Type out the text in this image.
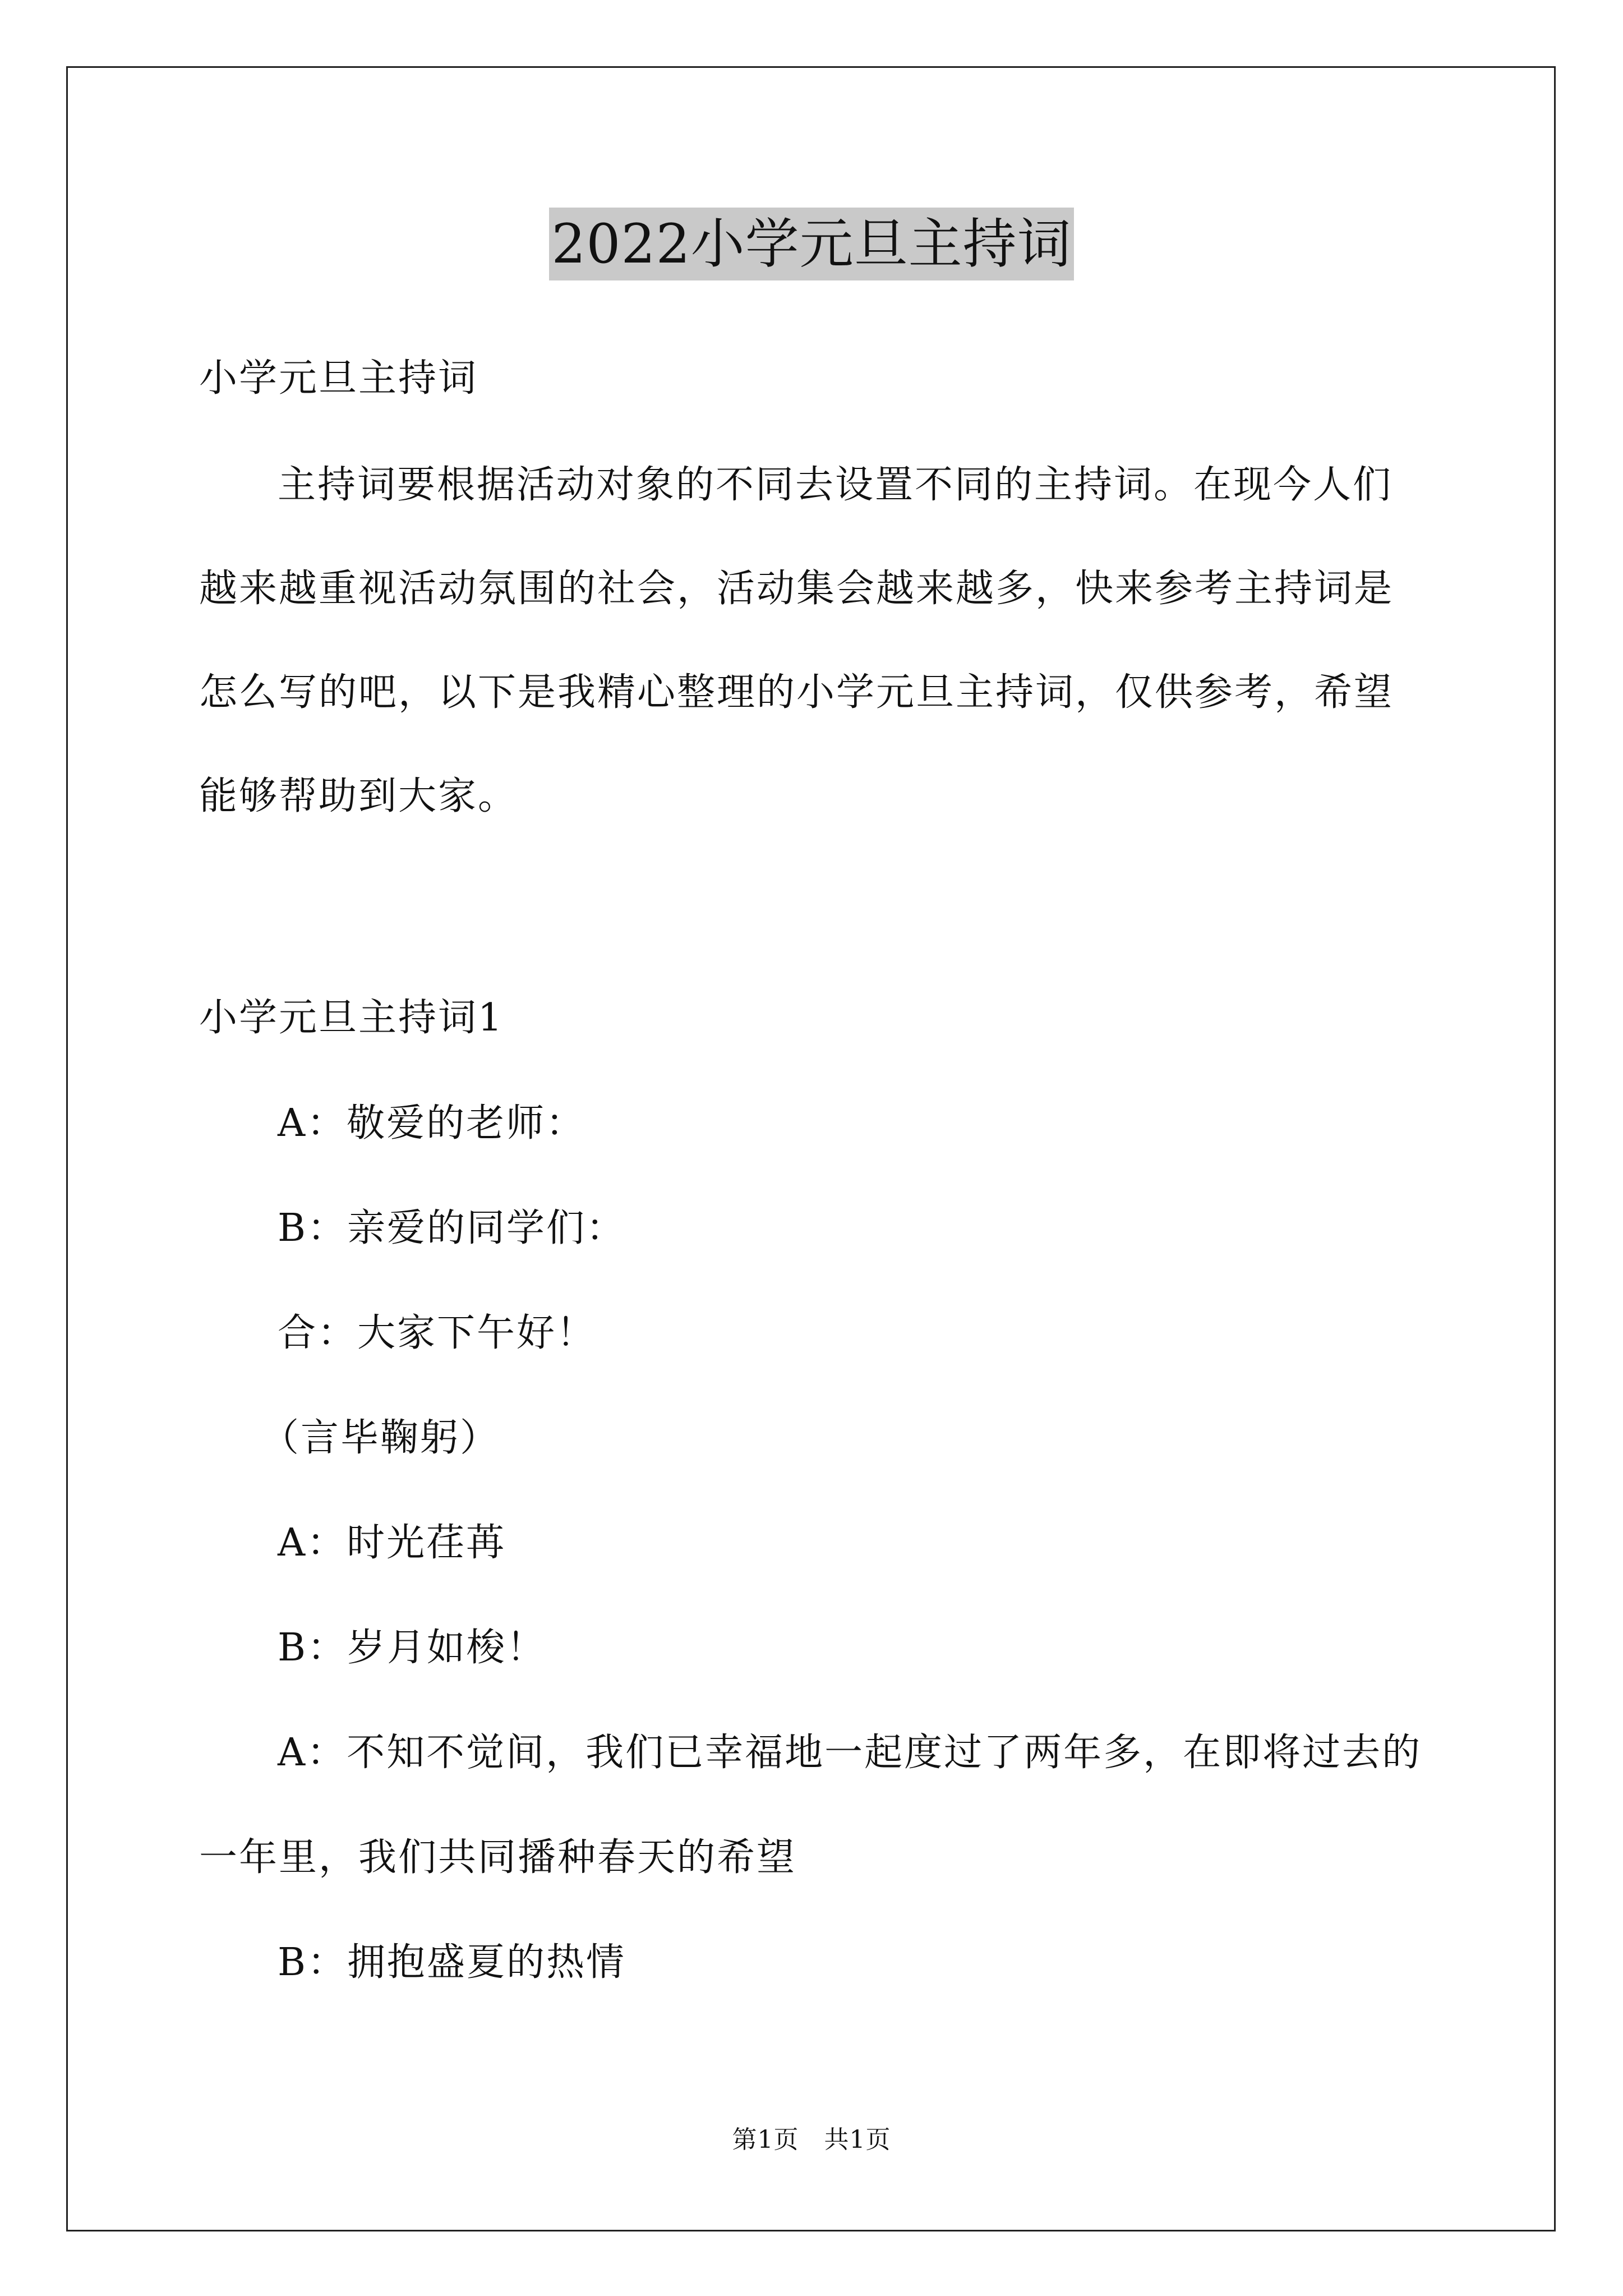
2022小学元旦主持词
小学元旦主持词
主持词要根据活动对象的不同去设置不同的主持词。在现今人们
越来越重视活动氛围的社会，活动集会越来越多，快来参考主持词是
怎么写的吧，以下是我精心整理的小学元旦主持词，仅供参考，希望
能够帮助到大家。
小学元旦主持词1
A：敬爱的老师：
B：亲爱的同学们：
合：大家下午好！
（言毕鞠躬）
A：时光荏苒
B：岁月如梭！
A：不知不觉间，我们已幸福地一起度过了两年多，在即将过去的
一年里，我们共同播种春天的希望
B：拥抱盛夏的热情
第1页　共1页
